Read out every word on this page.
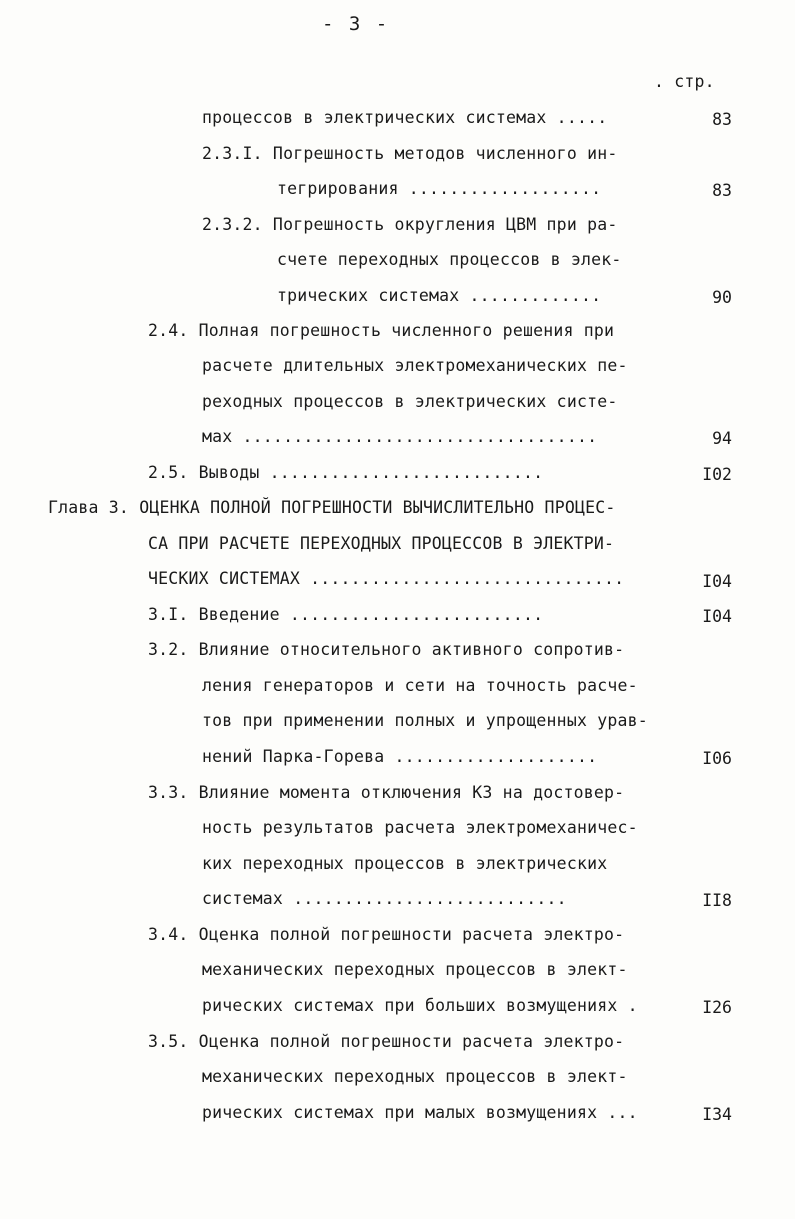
- 3 -
. стр.
процессов в электрических системах .....	83
2.3.I. Погрешность методов численного ин-
тегрирования ...................	83
2.3.2. Погрешность округления ЦВМ при ра-
счете переходных процессов в элек-
трических системах .............	90
2.4. Полная погрешность численного решения при
расчете длительных электромеханических пе-
реходных процессов в электрических систе-
мах ...................................	94
2.5. Выводы ...........................	I02
Глава 3. ОЦЕНКА ПОЛНОЙ ПОГРЕШНОСТИ ВЫЧИСЛИТЕЛЬНО ПРОЦЕС-
СА ПРИ РАСЧЕТЕ ПЕРЕХОДНЫХ ПРОЦЕССОВ В ЭЛЕКТРИ-
ЧЕСКИХ СИСТЕМАХ ...............................	I04
3.I. Введение .........................	I04
3.2. Влияние относительного активного сопротив-
ления генераторов и сети на точность расче-
тов при применении полных и упрощенных урав-
нений Парка-Горева ....................	I06
3.3. Влияние момента отключения КЗ на достовер-
ность результатов расчета электромеханичес-
ких переходных процессов в электрических
системах ...........................	II8
3.4. Оценка полной погрешности расчета электро-
механических переходных процессов в элект-
рических системах при больших возмущениях .	I26
3.5. Оценка полной погрешности расчета электро-
механических переходных процессов в элект-
рических системах при малых возмущениях ...	I34
